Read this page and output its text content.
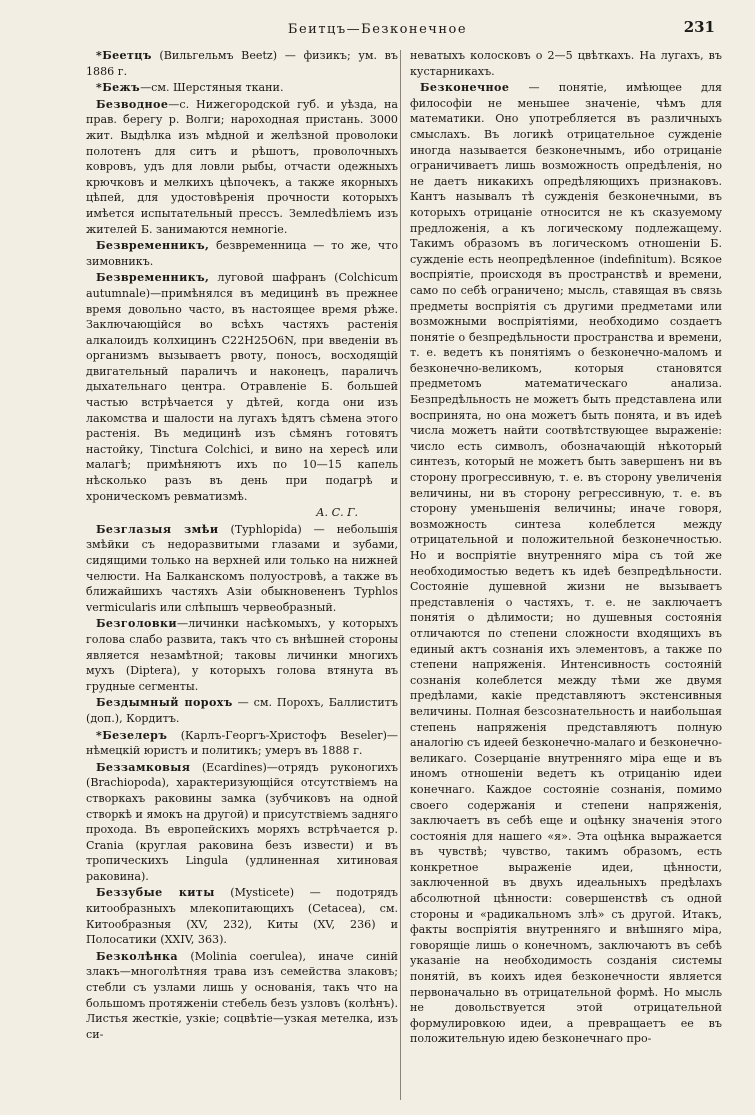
Беитцъ—Безконечное	231

*Беетцъ (Вильгельмъ Beetz) — физикъ; ум. въ 1886 г.

*Бежъ—см. Шерстяныя ткани.

Безводное—с. Нижегородской губ. и уѣзда, на прав. берегу р. Волги; нароходная пристань. 3000 жит. Выдѣлка изъ мѣдной и желѣзной проволоки полотенъ для ситъ и рѣшотъ, проволочныхъ ковровъ, удъ для ловли рыбы, отчасти одежныхъ крючковъ и мелкихъ цѣпочекъ, а также якорныхъ цѣпей, для удостовѣренія прочности которыхъ имѣется испытательный прессъ. Землеdѣліемъ изъ жителей Б. занимаются немногіе.

Безвременникъ, безвременница — то же, что зимовникъ.

Безвременникъ, луговой шафранъ (Colchicum autumnale)—примѣнялся въ медицинѣ въ прежнее время довольно часто, въ настоящее время рѣже. Заключающійся во всѣхъ частяхъ растенія алкалоидъ колхицинъ C22H25O6N, при введеніи въ организмъ вызываетъ рвоту, поносъ, восходящій двигательный параличъ и наконецъ, параличъ дыхательнаго центра. Отравленіе Б. большей частью встрѣчается у дѣтей, когда они изъ лакомства и шалости на лугахъ ѣдятъ сѣмена этого растенія. Въ медицинѣ изъ сѣмянъ готовятъ настойку, Tinctura Colchici, и вино на хересѣ или малагѣ; примѣняютъ ихъ по 10—15 капель нѣсколько разъ въ день при подагрѣ и хроническомъ ревматизмѣ.

А. С. Г.

Безглазыя змѣи (Typhlopida) — небольшія змѣйки съ недоразвитыми глазами и зубами, сидящими только на верхней или только на нижней челюсти. На Балканскомъ полуостровѣ, а также въ ближайшихъ частяхъ Азіи обыкновененъ Typhlos vermicularis или слѣпышъ червеобразный.

Безголовки—личинки насѣкомыхъ, у которыхъ голова слабо развита, такъ что съ внѣшней стороны является незамѣтной; таковы личинки многихъ мухъ (Diptera), у которыхъ голова втянута въ грудные сегменты.

Бездымный порохъ — см. Порохъ, Баллиститъ (доп.), Кордитъ.

*Безелеръ (Карлъ-Георгъ-Христофъ Beseler)—нѣмецкій юристъ и политикъ; умеръ въ 1888 г.

Беззамковыя (Ecardines)—отрядъ руконогихъ (Brachiopoda), характеризующійся отсутствіемъ на створкахъ раковины замка (зубчиковъ на одной створкѣ и ямокъ на другой) и присутствіемъ задняго прохода. Въ европейскихъ моряхъ встрѣчается р. Crania (круглая раковина безъ извести) и въ тропическихъ Lingula (удлиненная хитиновая раковина).

Беззубые киты (Mysticete) — подотрядъ китообразныхъ млекопитающихъ (Cetacea), см. Китообразныя (XV, 232), Киты (XV, 236) и Полосатики (XXIV, 363).

Безколѣнка (Molinia coerulea), иначе синій злакъ—многолѣтняя трава изъ семейства злаковъ; стебли съ узлами лишь у основанія, такъ что на большомъ протяженіи стебель безъ узловъ (колѣнъ). Листья жесткіе, узкіе; соцвѣтіе—узкая метелка, изъ си-

неватыхъ колосковъ о 2—5 цвѣткахъ. На лугахъ, въ кустарникахъ.

Безконечное — понятіе, имѣющее для философіи не меньшее значеніе, чѣмъ для математики. Оно употребляется въ различныхъ смыслахъ. Въ логикѣ отрицательное сужденіе иногда называется безконечнымъ, ибо отрицаніе ограничиваетъ лишь возможность опредѣленія, но не даетъ никакихъ опредѣляющихъ признаковъ. Кантъ называлъ тѣ сужденія безконечными, въ которыхъ отрицаніе относится не къ сказуемому предложенія, а къ логическому подлежащему. Такимъ образомъ въ логическомъ отношеніи Б. сужденіе есть неопредѣленное (indefinitum). Всякое воспріятіе, происходя въ пространствѣ и времени, само по себѣ ограничено; мысль, ставящая въ связь предметы воспріятія съ другими предметами или возможными воспріятіями, необходимо создаетъ понятіе о безпредѣльности пространства и времени, т. е. ведетъ къ понятіямъ о безконечно-маломъ и безконечно-великомъ, которыя становятся предметомъ математическаго анализа. Безпредѣльность не можетъ быть представлена или воспринята, но она можетъ быть понята, и въ идеѣ числа можетъ найти соотвѣтствующее выраженіе: число есть символъ, обозначающій нѣкоторый синтезъ, который не можетъ быть завершенъ ни въ сторону прогрессивную, т. е. въ сторону увеличенія величины, ни въ сторону регрессивную, т. е. въ сторону уменьшенія величины; иначе говоря, возможность синтеза колеблется между отрицательной и положительной безконечностью. Но и воспріятіе внутренняго міра съ той же необходимостью ведетъ къ идеѣ безпредѣльности. Состояніе душевной жизни не вызываетъ представленія о частяхъ, т. е. не заключаетъ понятія о дѣлимости; но душевныя состоянія отличаются по степени сложности входящихъ въ единый актъ сознанія ихъ элементовъ, а также по степени напряженія. Интенсивность состояній сознанія колеблется между тѣми же двумя предѣлами, какіе представляютъ экстенсивныя величины. Полная безсознательность и наибольшая степень напряженія представляютъ полную аналогію съ идеей безконечно-малаго и безконечно-великаго. Созерцаніе внутренняго міра еще и въ иномъ отношеніи ведетъ къ отрицанію идеи конечнаго. Каждое состояніе сознанія, помимо своего содержанія и степени напряженія, заключаетъ въ себѣ еще и оцѣнку значенія этого состоянія для нашего «я». Эта оцѣнка выражается въ чувствѣ; чувство, такимъ образомъ, есть конкретное выраженіе идеи, цѣнности, заключенной въ двухъ идеальныхъ предѣлахъ абсолютной цѣнности: совершенствѣ съ одной стороны и «радикальномъ злѣ» съ другой. Итакъ, факты воспріятія внутренняго и внѣшняго міра, говорящіе лишь о конечномъ, заключаютъ въ себѣ указаніе на необходимость созданія системы понятій, въ коихъ идея безконечности является первоначально въ отрицательной формѣ. Но мысль не довольствуется этой отрицательной формулировкою идеи, а превращаетъ ее въ положительную идею безконечнаго про-
